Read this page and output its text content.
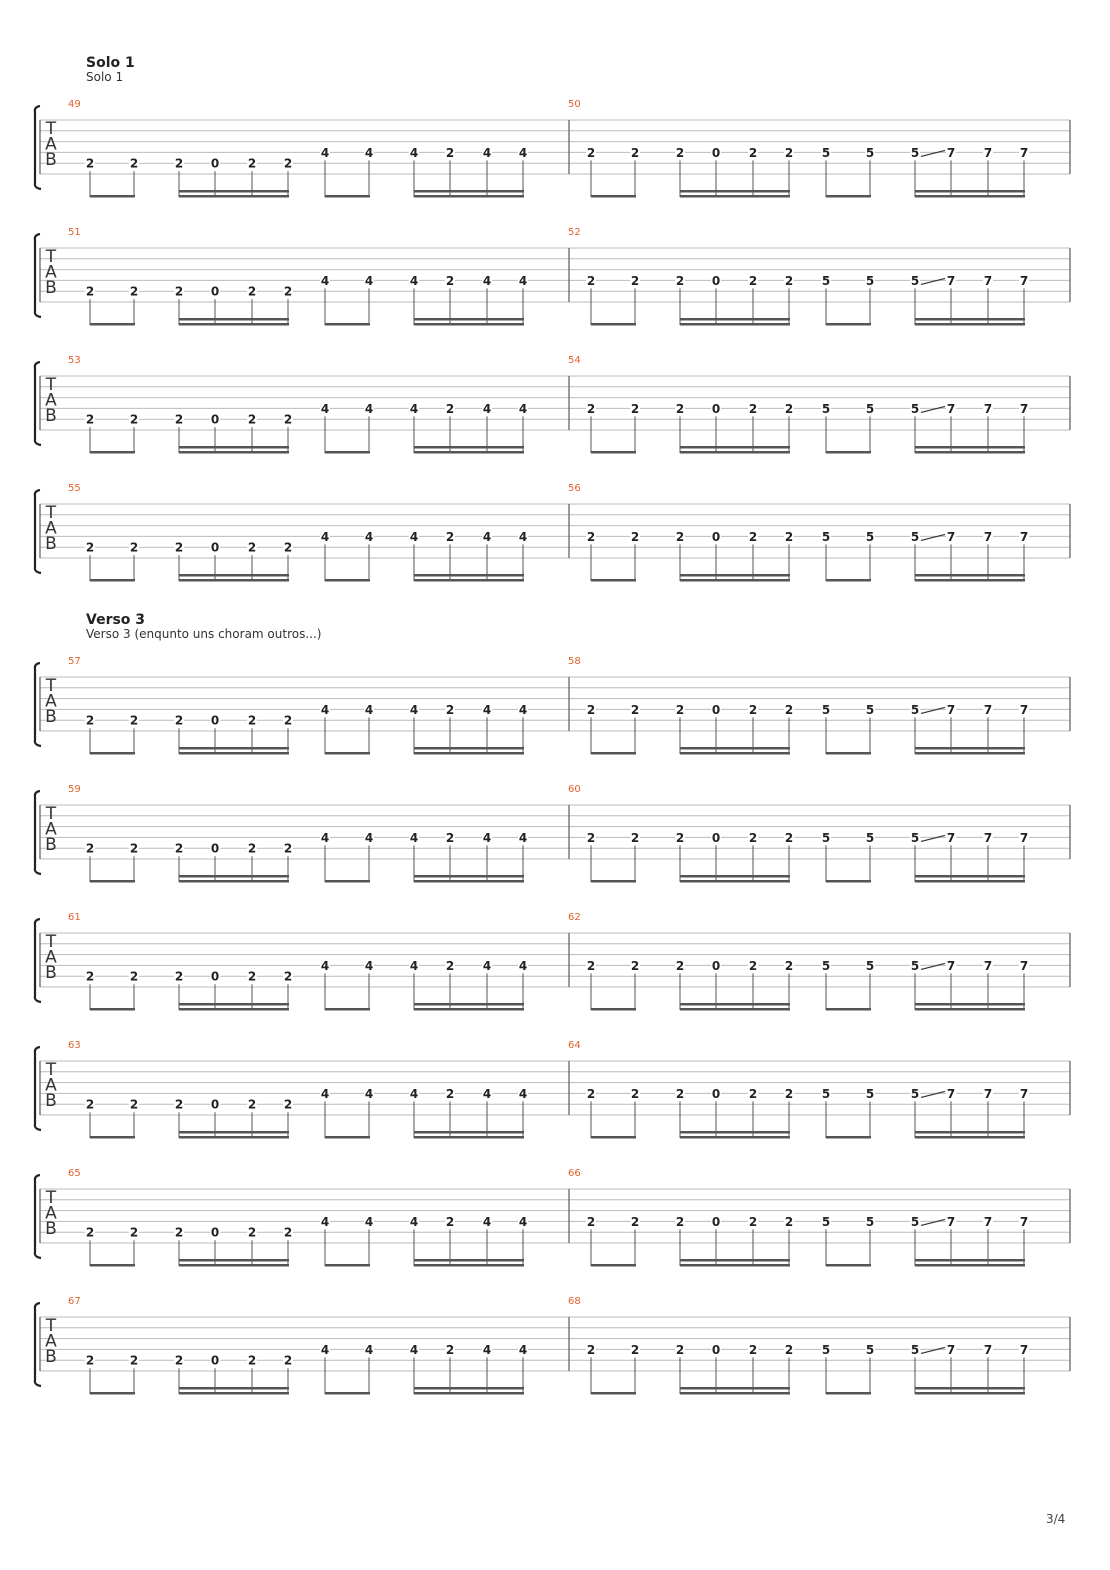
Solo 1
Solo 1
Verso 3
Verso 3 (enqunto uns choram outros...)
T
A
B
49	50
2	2	2 0 2 2
4	4	4 2 4 4	2	2	2 0 2 2 5	5	5 7 7 7
T
A
B
51	52
2	2	2 0 2 2
4	4	4 2 4 4	2	2	2 0 2 2 5	5	5 7 7 7
T
A
B
53	54
2	2	2 0 2 2
4	4	4 2 4 4	2	2	2 0 2 2 5	5	5 7 7 7
T
A
B
55	56
2	2	2 0 2 2
4	4	4 2 4 4	2	2	2 0 2 2 5	5	5 7 7 7
T
A
B
57	58
2	2	2 0 2 2
4	4	4 2 4 4	2	2	2 0 2 2 5	5	5 7 7 7
T
A
B
59	60
2	2	2 0 2 2
4	4	4 2 4 4	2	2	2 0 2 2 5	5	5 7 7 7
T
A
B
61	62
2	2	2 0 2 2
4	4	4 2 4 4	2	2	2 0 2 2 5	5	5 7 7 7
T
A
B
63	64
2	2	2 0 2 2
4	4	4 2 4 4	2	2	2 0 2 2 5	5	5 7 7 7
T
A
B
65	66
2	2	2 0 2 2
4	4	4 2 4 4	2	2	2 0 2 2 5	5	5 7 7 7
T
A
B
67	68
2	2	2 0 2 2
4	4	4 2 4 4	2	2	2 0 2 2 5	5	5 7 7 7
3/4
